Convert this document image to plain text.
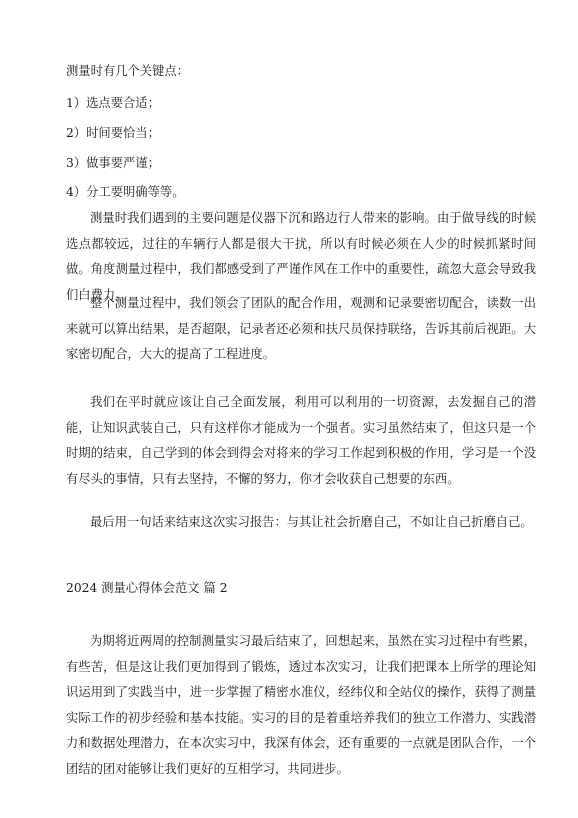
测量时有几个关键点：
1）选点要合适；
2）时间要恰当；
3）做事要严谨；
4）分工要明确等等。
测量时我们遇到的主要问题是仪器下沉和路边行人带来的影响。由于做导线的时候选点都较远，过往的车辆行人都是很大干扰，所以有时候必须在人少的时候抓紧时间做。角度测量过程中，我们都感受到了严谨作风在工作中的重要性，疏忽大意会导致我们白费力。
整个测量过程中，我们领会了团队的配合作用，观测和记录要密切配合，读数一出来就可以算出结果，是否超限，记录者还必须和扶尺员保持联络，告诉其前后视距。大家密切配合，大大的提高了工程进度。
我们在平时就应该让自己全面发展，利用可以利用的一切资源，去发掘自己的潜能，让知识武装自己，只有这样你才能成为一个强者。实习虽然结束了，但这只是一个时期的结束，自己学到的体会到得会对将来的学习工作起到积极的作用，学习是一个没有尽头的事情，只有去坚持，不懈的努力，你才会收获自己想要的东西。
最后用一句话来结束这次实习报告：与其让社会折磨自己，不如让自己折磨自己。
2024 测量心得体会范文 篇 2
为期将近两周的控制测量实习最后结束了，回想起来，虽然在实习过程中有些累，有些苦，但是这让我们更加得到了锻炼，透过本次实习，让我们把课本上所学的理论知识运用到了实践当中，进一步掌握了精密水准仪，经纬仪和全站仪的操作，获得了测量实际工作的初步经验和基本技能。实习的目的是着重培养我们的独立工作潜力、实践潜力和数据处理潜力，在本次实习中，我深有体会，还有重要的一点就是团队合作，一个团结的团对能够让我们更好的互相学习，共同进步。
